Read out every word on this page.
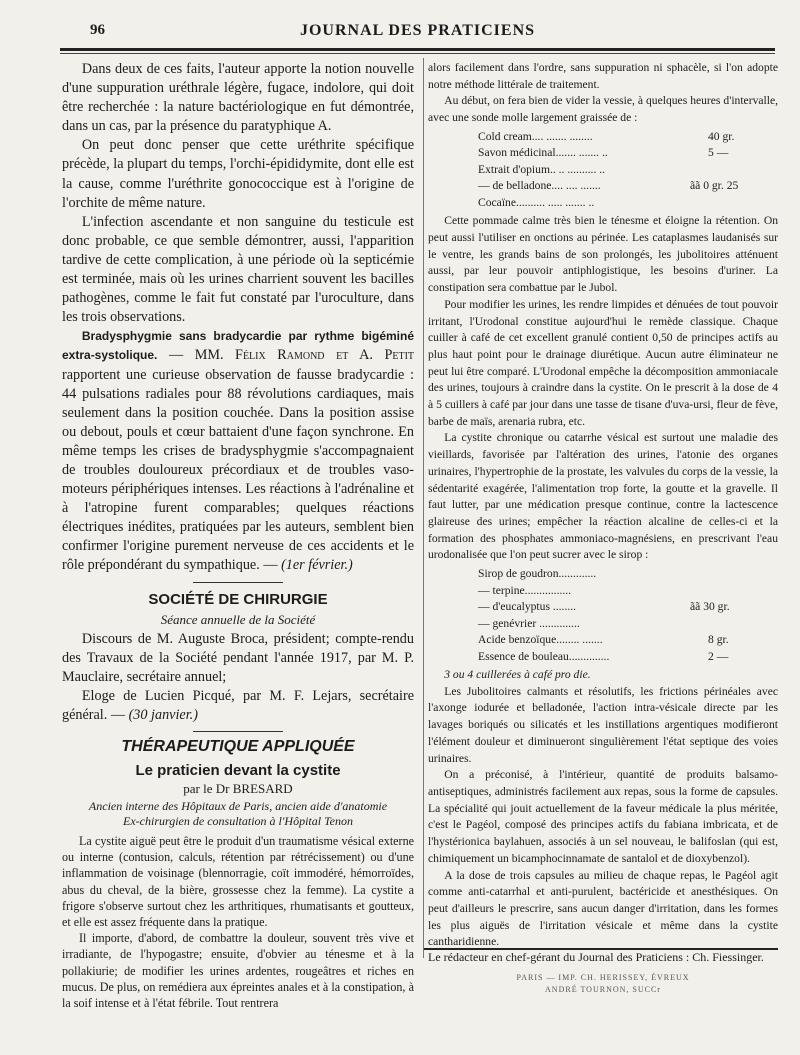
96	JOURNAL DES PRATICIENS

Dans deux de ces faits, l'auteur apporte la notion nouvelle d'une suppuration uréthrale légère, fugace, indolore, qui doit être recherchée : la nature bactériologique en fut démontrée, dans un cas, par la présence du paratyphique A.

On peut donc penser que cette uréthrite spécifique précède, la plupart du temps, l'orchi-épididymite, dont elle est la cause, comme l'uréthrite gonococcique est à l'origine de l'orchite de même nature.

L'infection ascendante et non sanguine du testicule est donc probable, ce que semble démontrer, aussi, l'apparition tardive de cette complication, à une période où la septicémie est terminée, mais où les urines charrient souvent les bacilles pathogènes, comme le fait fut constaté par l'uroculture, dans les trois observations.

Bradysphygmie sans bradycardie par rythme bigéminé extra-systolique. — MM. Félix Ramond et A. Petit rapportent une curieuse observation de fausse bradycardie : 44 pulsations radiales pour 88 révolutions cardiaques, mais seulement dans la position couchée. Dans la position assise ou debout, pouls et cœur battaient d'une façon synchrone. En même temps les crises de bradysphygmie s'accompagnaient de troubles douloureux précordiaux et de troubles vaso-moteurs périphériques intenses. Les réactions à l'adrénaline et à l'atropine furent comparables; quelques réactions électriques inédites, pratiquées par les auteurs, semblent bien confirmer l'origine purement nerveuse de ces accidents et le rôle prépondérant du sympathique. — (1er février.)

SOCIÉTÉ DE CHIRURGIE
Séance annuelle de la Société

Discours de M. Auguste Broca, président; compte-rendu des Travaux de la Société pendant l'année 1917, par M. P. Mauclaire, secrétaire annuel;

Eloge de Lucien Picqué, par M. F. Lejars, secrétaire général. — (30 janvier.)

THÉRAPEUTIQUE APPLIQUÉE
Le praticien devant la cystite

par le Dr BRESARD

Ancien interne des Hôpitaux de Paris, ancien aide d'anatomie
Ex-chirurgien de consultation à l'Hôpital Tenon

La cystite aiguë peut être le produit d'un traumatisme vésical externe ou interne (contusion, calculs, rétention par rétrécissement) ou d'une inflammation de voisinage (blennorragie, coït immodéré, hémorroïdes, abus du cheval, de la bière, grossesse chez la femme). La cystite a frigore s'observe surtout chez les arthritiques, rhumatisants et goutteux, et elle est assez fréquente dans la pratique.

Il importe, d'abord, de combattre la douleur, souvent très vive et irradiante, de l'hypogastre; ensuite, d'obvier au ténesme et à la pollakiurie; de modifier les urines ardentes, rougeâtres et riches en mucus. De plus, on remédiera aux épreintes anales et à la constipation, à la soif intense et à l'état fébrile. Tout rentrera

alors facilement dans l'ordre, sans suppuration ni sphacèle, si l'on adopte notre méthode littérale de traitement.

Au début, on fera bien de vider la vessie, à quelques heures d'intervalle, avec une sonde molle largement graissée de :

Cold cream.... ....... ........	40 gr.
Savon médicinal....... ....... ..	5 —
Extrait d'opium.. .. .......... ..
— de belladone.... .... .......	ãã 0 gr. 25
Cocaïne.......... ..... ....... ..

Cette pommade calme très bien le ténesme et éloigne la rétention. On peut aussi l'utiliser en onctions au périnée. Les cataplasmes laudanisés sur le ventre, les grands bains de son prolongés, les jubolitoires atténuent aussi, par leur pouvoir antiphlogistique, les besoins d'uriner. La constipation sera combattue par le Jubol.

Pour modifier les urines, les rendre limpides et dénuées de tout pouvoir irritant, l'Urodonal constitue aujourd'hui le remède classique. Chaque cuiller à café de cet excellent granulé contient 0,50 de principes actifs au plus haut point pour le drainage diurétique. Aucun autre éliminateur ne peut lui être comparé. L'Urodonal empêche la décomposition ammoniacale des urines, toujours à craindre dans la cystite. On le prescrit à la dose de 4 à 5 cuillers à café par jour dans une tasse de tisane d'uva-ursi, fleur de fève, barbe de maïs, arenaria rubra, etc.

La cystite chronique ou catarrhe vésical est surtout une maladie des vieillards, favorisée par l'altération des urines, l'atonie des organes urinaires, l'hypertrophie de la prostate, les valvules du corps de la vessie, la sédentarité exagérée, l'alimentation trop forte, la goutte et la gravelle. Il faut lutter, par une médication presque continue, contre la lactescence glaireuse des urines; empêcher la réaction alcaline de celles-ci et la formation des phosphates ammoniaco-magnésiens, en prescrivant l'eau urodonalisée que l'on peut sucrer avec le sirop :

Sirop de goudron.............
— terpine................
— d'eucalyptus ........	ãã 30 gr.
— genévrier ..............
Acide benzoïque........ .......	8 gr.
Essence de bouleau..............	2 —

3 ou 4 cuillerées à café pro die.

Les Jubolitoires calmants et résolutifs, les frictions périnéales avec l'axonge iodurée et belladonée, l'action intra-vésicale directe par les lavages boriqués ou silicatés et les instillations argentiques modifieront l'élément douleur et diminueront singulièrement l'état septique des voies urinaires.

On a préconisé, à l'intérieur, quantité de produits balsamo-antiseptiques, administrés facilement aux repas, sous la forme de capsules. La spécialité qui jouit actuellement de la faveur médicale la plus méritée, c'est le Pagéol, composé des principes actifs du fabiana imbricata, et de l'hystérionica baylahuen, associés à un sel nouveau, le balifoslan (qui est, chimiquement un bicamphocinnamate de santalol et de dioxybenzol).

A la dose de trois capsules au milieu de chaque repas, le Pagéol agit comme anti-catarrhal et anti-purulent, bactéricide et anesthésiques. On peut d'ailleurs le prescrire, sans aucun danger d'irritation, dans les formes les plus aiguës de l'irritation vésicale et même dans la cystite cantharidienne.

Le rédacteur en chef-gérant du Journal des Praticiens : Ch. Fiessinger.
PARIS — IMP. CH. HERISSEY, ÉVREUX
ANDRÉ TOURNON, SUCCr
